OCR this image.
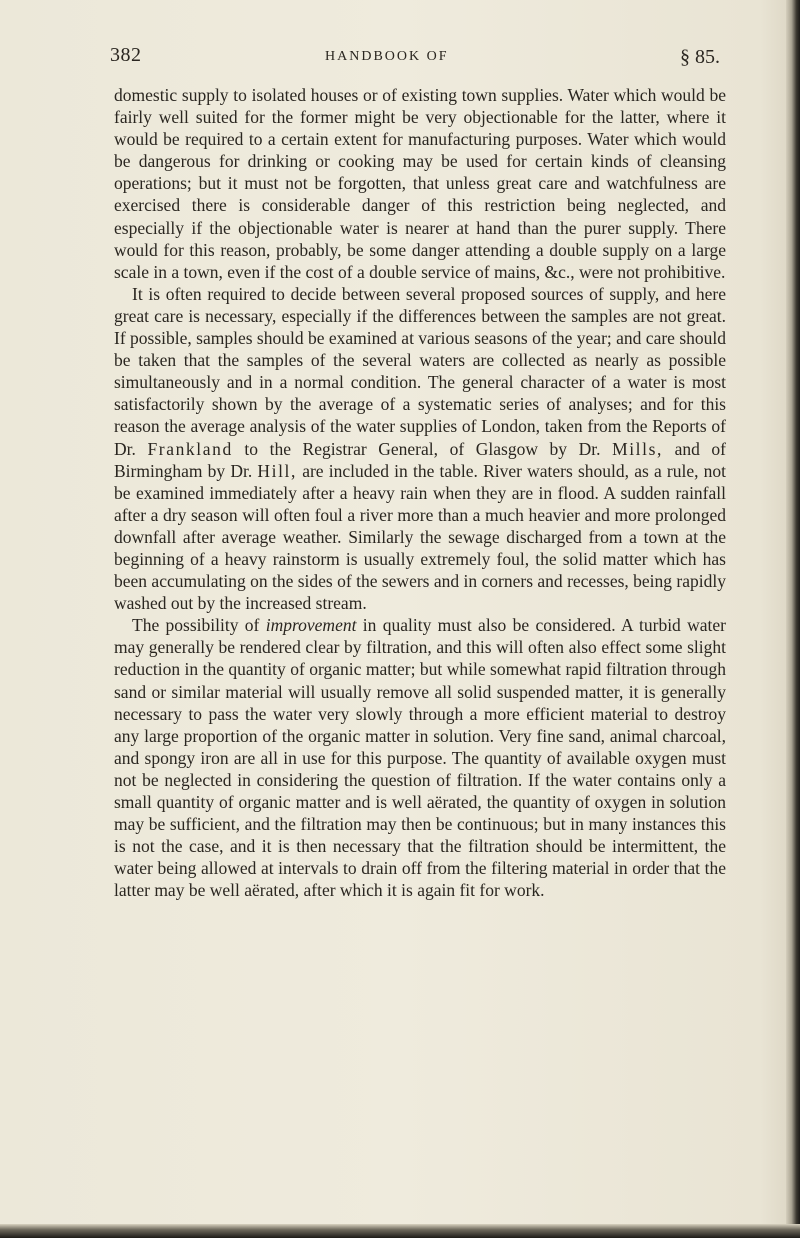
382	HANDBOOK OF	§ 85.

domestic supply to isolated houses or of existing town supplies. Water which would be fairly well suited for the former might be very objectionable for the latter, where it would be required to a certain extent for manufacturing purposes. Water which would be dangerous for drinking or cooking may be used for certain kinds of cleansing operations; but it must not be forgotten, that unless great care and watchfulness are exercised there is considerable danger of this restriction being neglected, and especially if the objectionable water is nearer at hand than the purer supply. There would for this reason, probably, be some danger attending a double supply on a large scale in a town, even if the cost of a double service of mains, &c., were not prohibitive.

It is often required to decide between several proposed sources of supply, and here great care is necessary, especially if the differences between the samples are not great. If possible, samples should be examined at various seasons of the year; and care should be taken that the samples of the several waters are collected as nearly as possible simultaneously and in a normal condition. The general character of a water is most satisfactorily shown by the average of a systematic series of analyses; and for this reason the average analysis of the water supplies of London, taken from the Reports of Dr. Frankland to the Registrar General, of Glasgow by Dr. Mills, and of Birmingham by Dr. Hill, are included in the table. River waters should, as a rule, not be examined immediately after a heavy rain when they are in flood. A sudden rainfall after a dry season will often foul a river more than a much heavier and more prolonged downfall after average weather. Similarly the sewage discharged from a town at the beginning of a heavy rainstorm is usually extremely foul, the solid matter which has been accumulating on the sides of the sewers and in corners and recesses, being rapidly washed out by the increased stream.

The possibility of improvement in quality must also be considered. A turbid water may generally be rendered clear by filtration, and this will often also effect some slight reduction in the quantity of organic matter; but while somewhat rapid filtration through sand or similar material will usually remove all solid suspended matter, it is generally necessary to pass the water very slowly through a more efficient material to destroy any large proportion of the organic matter in solution. Very fine sand, animal charcoal, and spongy iron are all in use for this purpose. The quantity of available oxygen must not be neglected in considering the question of filtration. If the water contains only a small quantity of organic matter and is well aërated, the quantity of oxygen in solution may be sufficient, and the filtration may then be continuous; but in many instances this is not the case, and it is then necessary that the filtration should be intermittent, the water being allowed at intervals to drain off from the filtering material in order that the latter may be well aërated, after which it is again fit for work.
